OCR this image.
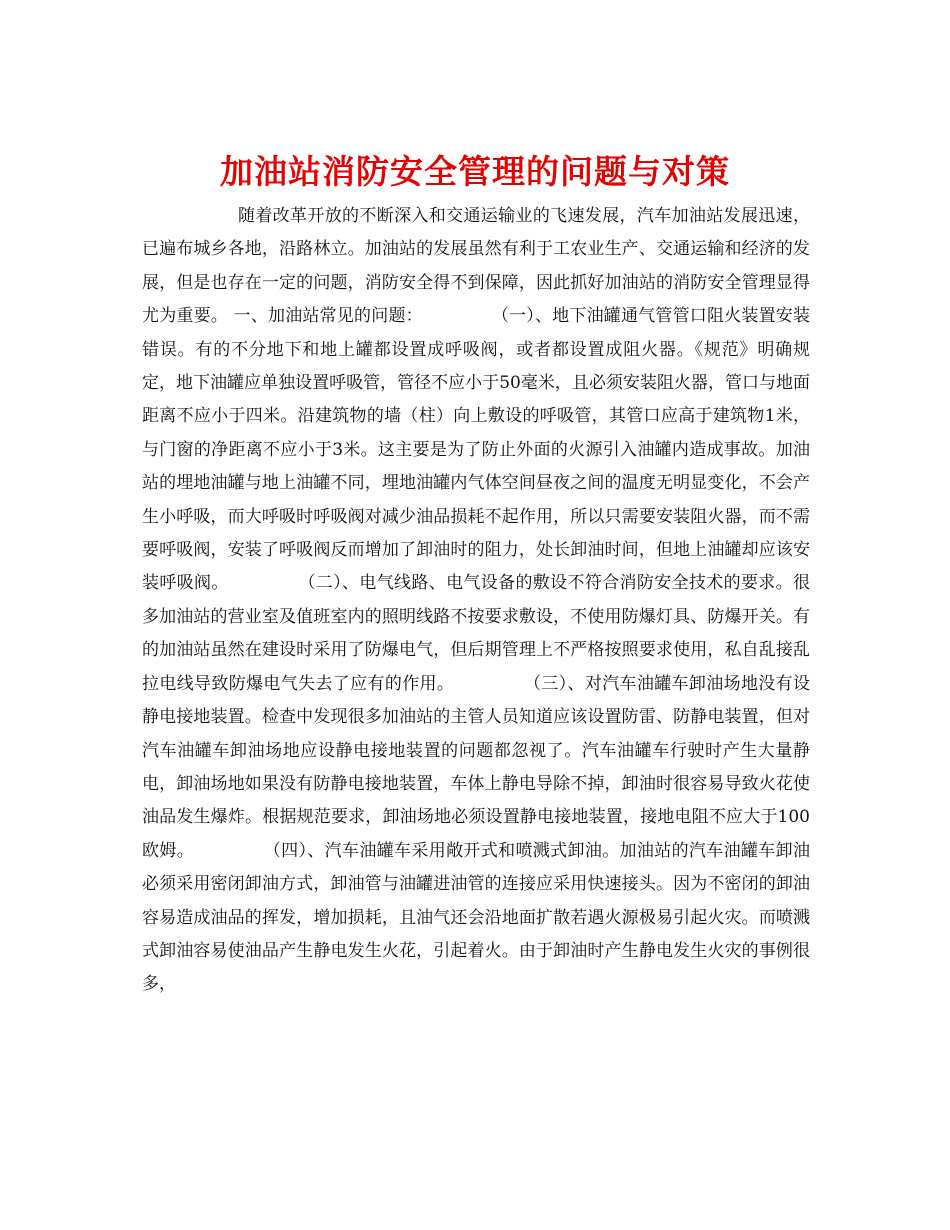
加油站消防安全管理的问题与对策

随着改革开放的不断深入和交通运输业的飞速发展，汽车加油站发展迅速，已遍布城乡各地，沿路林立。加油站的发展虽然有利于工农业生产、交通运输和经济的发展，但是也存在一定的问题，消防安全得不到保障，因此抓好加油站的消防安全管理显得尤为重要。 一、加油站常见的问题：　　　　　（一）、地下油罐通气管管口阻火装置安装错误。有的不分地下和地上罐都设置成呼吸阀，或者都设置成阻火器。《规范》明确规定，地下油罐应单独设置呼吸管，管径不应小于50毫米，且必须安装阻火器，管口与地面距离不应小于四米。沿建筑物的墙（柱）向上敷设的呼吸管，其管口应高于建筑物1米，与门窗的净距离不应小于3米。这主要是为了防止外面的火源引入油罐内造成事故。加油站的埋地油罐与地上油罐不同，埋地油罐内气体空间昼夜之间的温度无明显变化，不会产生小呼吸，而大呼吸时呼吸阀对减少油品损耗不起作用，所以只需要安装阻火器，而不需要呼吸阀，安装了呼吸阀反而增加了卸油时的阻力，处长卸油时间，但地上油罐却应该安装呼吸阀。　　　　　（二）、电气线路、电气设备的敷设不符合消防安全技术的要求。很多加油站的营业室及值班室内的照明线路不按要求敷设，不使用防爆灯具、防爆开关。有的加油站虽然在建设时采用了防爆电气，但后期管理上不严格按照要求使用，私自乱接乱拉电线导致防爆电气失去了应有的作用。　　　　　（三）、对汽车油罐车卸油场地没有设静电接地装置。检查中发现很多加油站的主管人员知道应该设置防雷、防静电装置，但对汽车油罐车卸油场地应设静电接地装置的问题都忽视了。汽车油罐车行驶时产生大量静电，卸油场地如果没有防静电接地装置，车体上静电导除不掉，卸油时很容易导致火花使油品发生爆炸。根据规范要求，卸油场地必须设置静电接地装置，接地电阻不应大于100欧姆。　　　　　（四）、汽车油罐车采用敞开式和喷溅式卸油。加油站的汽车油罐车卸油必须采用密闭卸油方式，卸油管与油罐进油管的连接应采用快速接头。因为不密闭的卸油容易造成油品的挥发，增加损耗，且油气还会沿地面扩散若遇火源极易引起火灾。而喷溅式卸油容易使油品产生静电发生火花，引起着火。由于卸油时产生静电发生火灾的事例很多，
